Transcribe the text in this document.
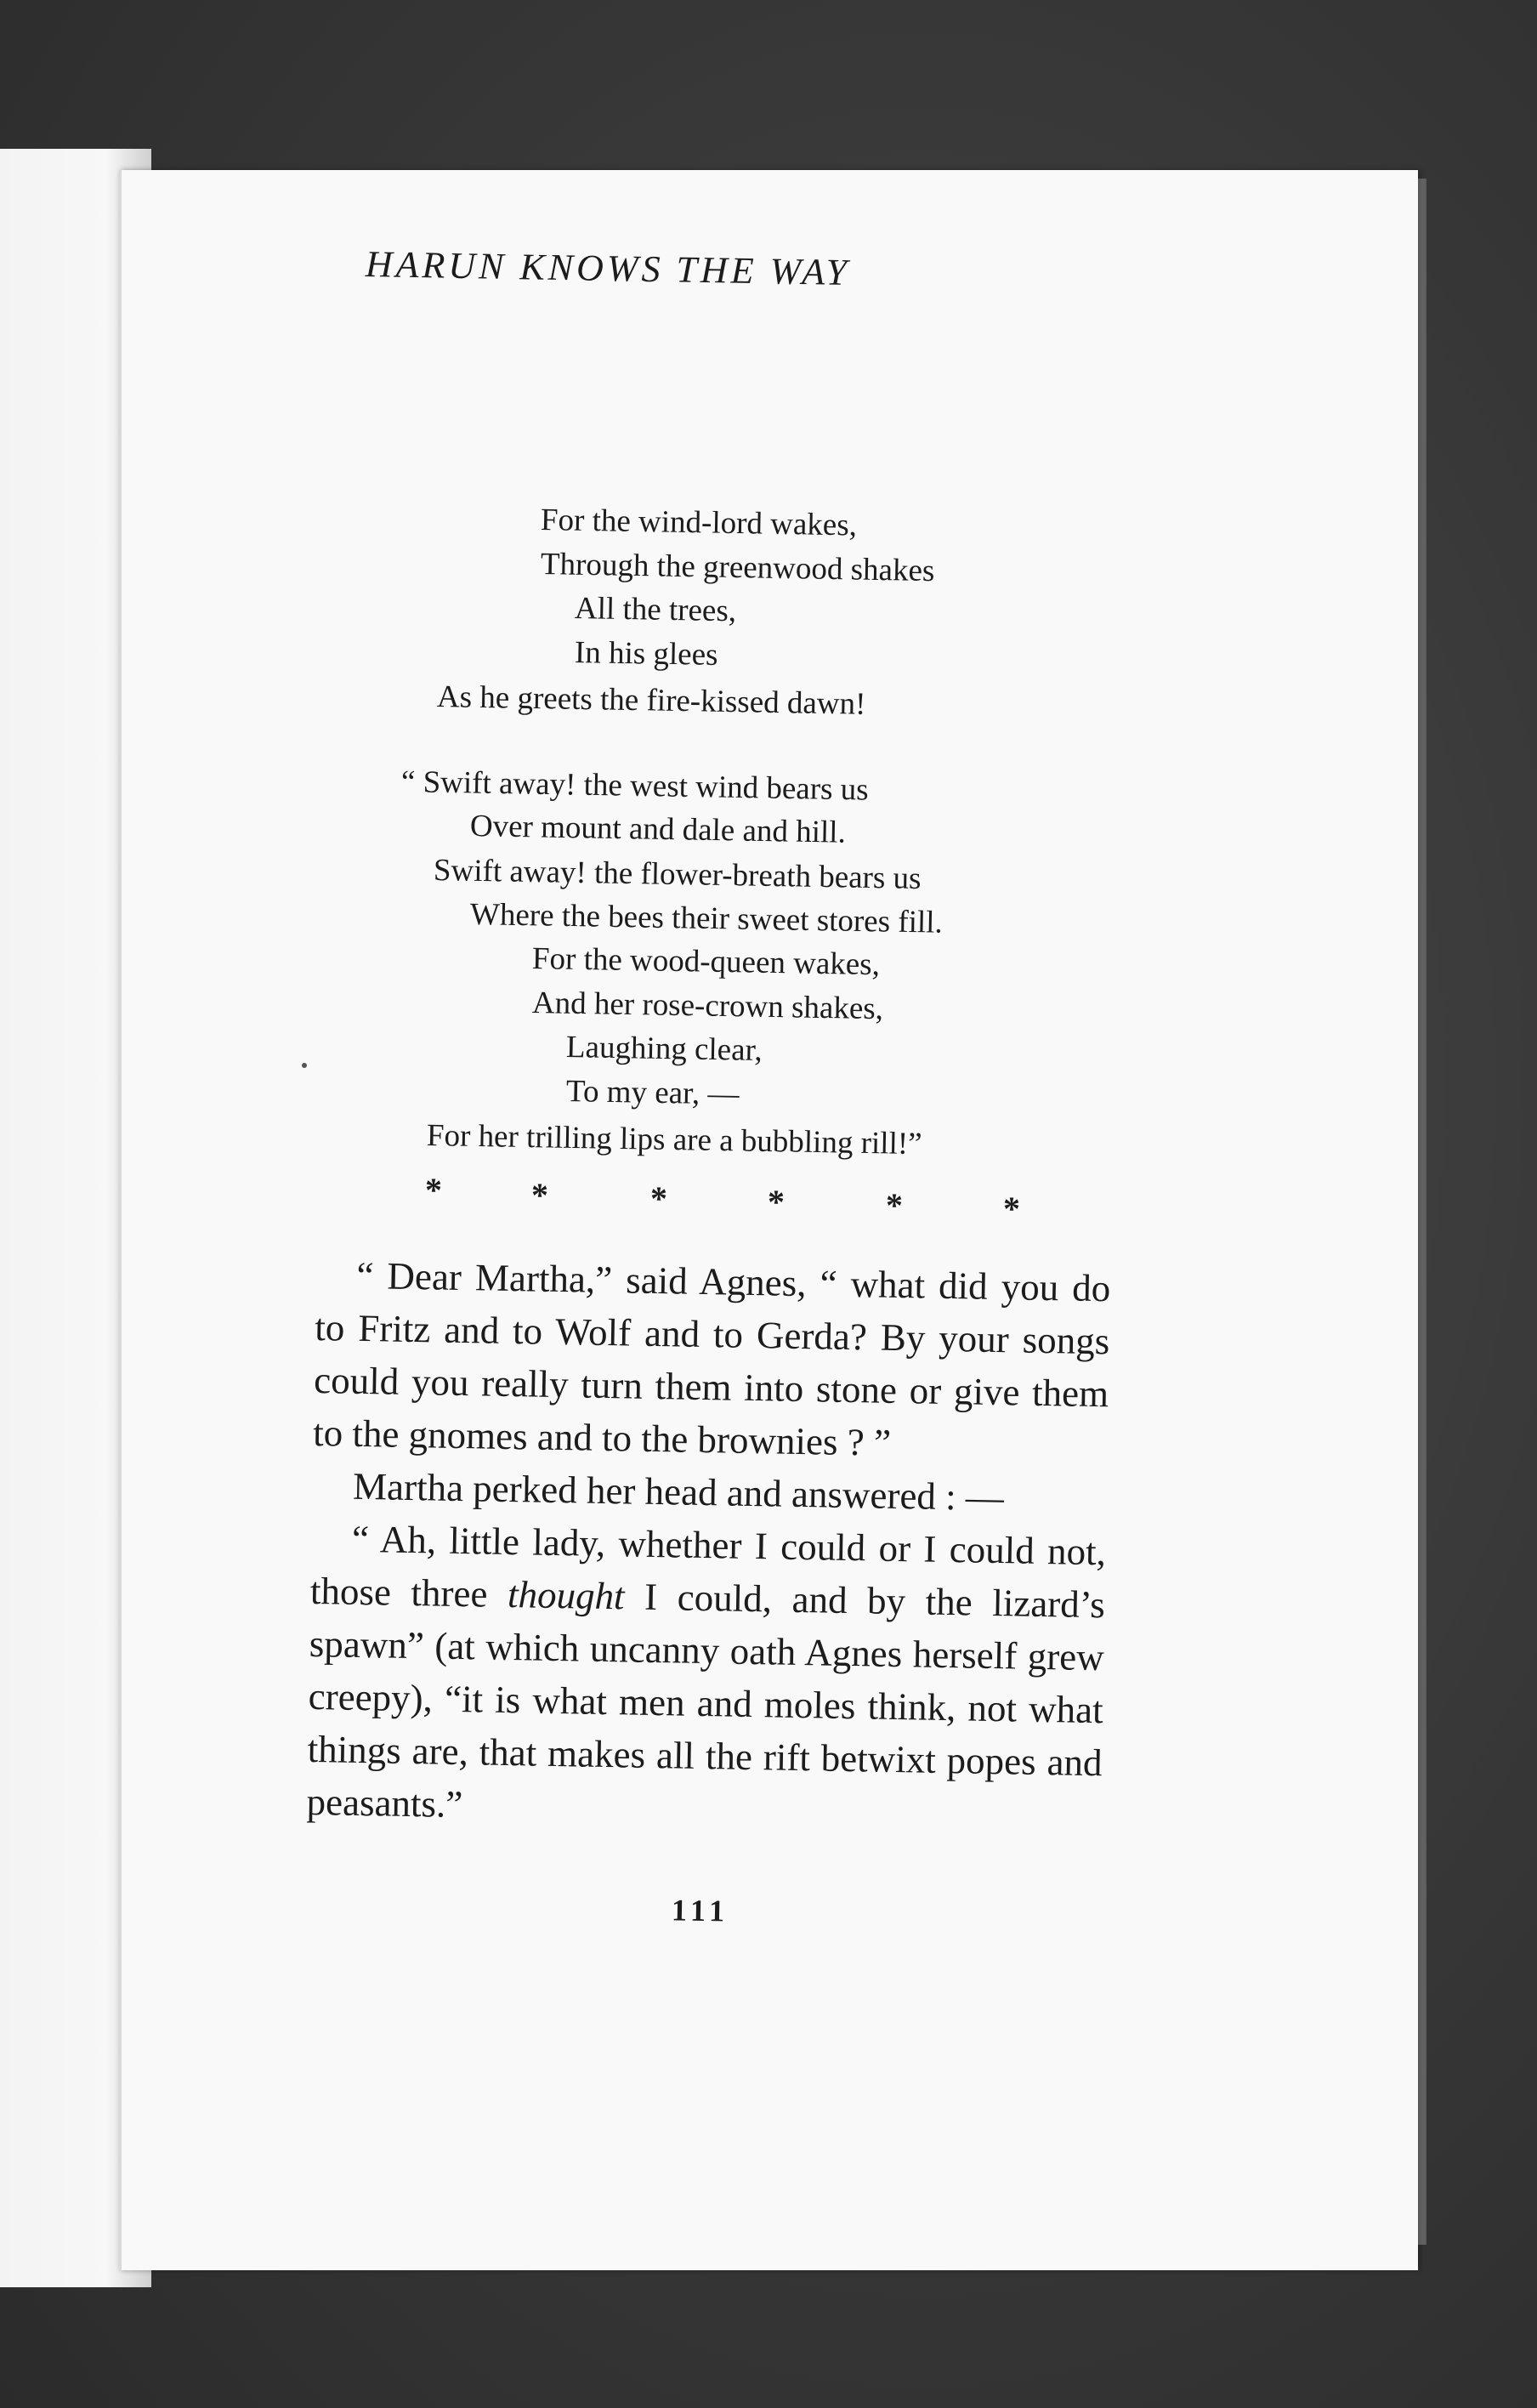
HARUN KNOWS THE WAY
For the wind-lord wakes,
Through the greenwood shakes
All the trees,
In his glees
As he greets the fire-kissed dawn!
“ Swift away! the west wind bears us
Over mount and dale and hill.
Swift away! the flower-breath bears us
Where the bees their sweet stores fill.
For the wood-queen wakes,
And her rose-crown shakes,
Laughing clear,
To my ear, —
For her trilling lips are a bubbling rill!”
*	*	*	*	*	*

“ Dear Martha,” said Agnes, “ what did you do to Fritz and to Wolf and to Gerda? By your songs could you really turn them into stone or give them to the gnomes and to the brownies ? ”

Martha perked her head and answered : —

“ Ah, little lady, whether I could or I could not, those three thought I could, and by the lizard’s spawn” (at which uncanny oath Agnes herself grew creepy), “it is what men and moles think, not what things are, that makes all the rift betwixt popes and peasants.”

111
